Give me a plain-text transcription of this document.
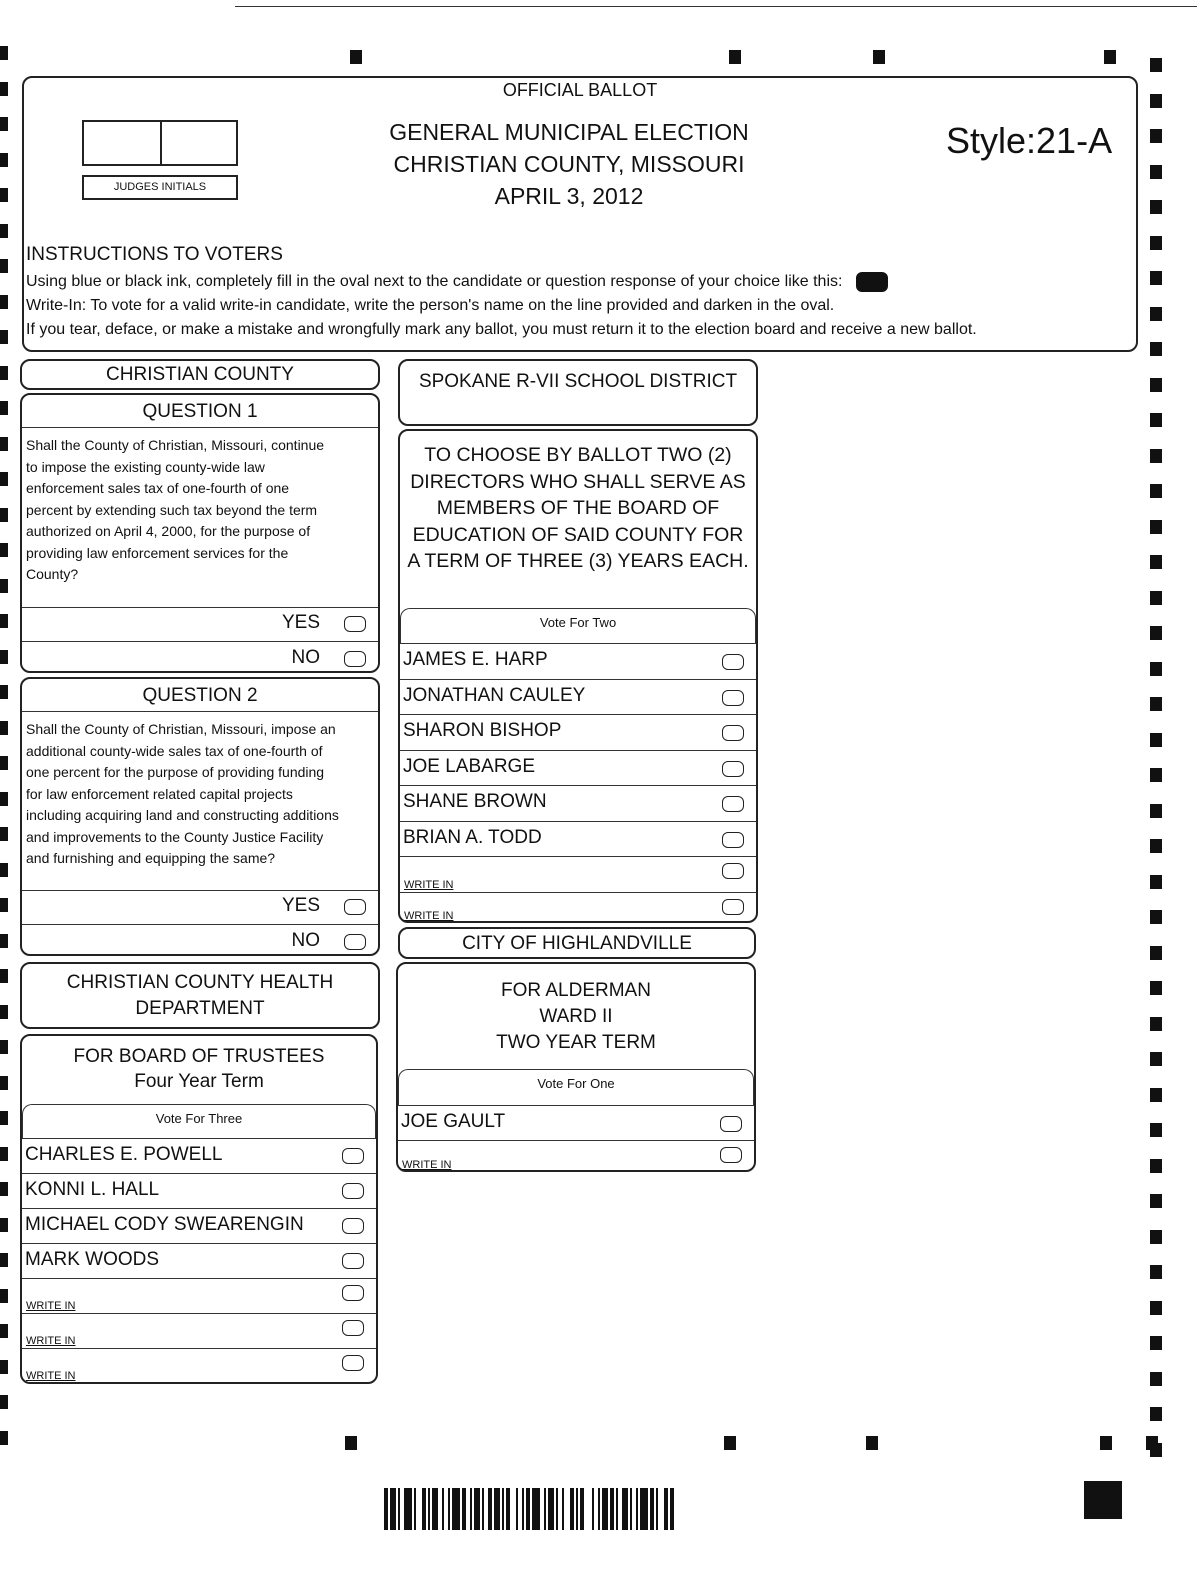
OFFICIAL BALLOT
GENERAL MUNICIPAL ELECTION
CHRISTIAN COUNTY, MISSOURI
APRIL 3, 2012
Style:21-A
JUDGES INITIALS
INSTRUCTIONS TO VOTERS
Using blue or black ink, completely fill in the oval next to the candidate or question response of your choice like this:
Write-In: To vote for a valid write-in candidate, write the person's name on the line provided and darken in the oval.
If you tear, deface, or make a mistake and wrongfully mark any ballot, you must return it to the election board and receive a new ballot.
CHRISTIAN COUNTY
QUESTION 1
Shall the County of Christian, Missouri, continue
to impose the existing county-wide law
enforcement sales tax of one-fourth of one
percent by extending such tax beyond the term
authorized on April 4, 2000, for the purpose of
providing law enforcement services for the
County?
YES
NO
QUESTION 2
Shall the County of Christian, Missouri, impose an
additional county-wide sales tax of one-fourth of
one percent for the purpose of providing funding
for law enforcement related capital projects
including acquiring land and constructing additions
and improvements to the County Justice Facility
and furnishing and equipping the same?
YES
NO
CHRISTIAN COUNTY HEALTH
DEPARTMENT
FOR BOARD OF TRUSTEES
Four Year Term
Vote For Three
CHARLES E. POWELL
KONNI L. HALL
MICHAEL CODY SWEARENGIN
MARK WOODS
WRITE IN
WRITE IN
WRITE IN
SPOKANE R-VII SCHOOL DISTRICT
TO CHOOSE BY BALLOT TWO (2)
DIRECTORS WHO SHALL SERVE AS
MEMBERS OF THE BOARD OF
EDUCATION OF SAID COUNTY FOR
A TERM OF THREE (3) YEARS EACH.
Vote For Two
JAMES E. HARP
JONATHAN CAULEY
SHARON BISHOP
JOE LABARGE
SHANE BROWN
BRIAN A. TODD
WRITE IN
WRITE IN
CITY OF HIGHLANDVILLE
FOR ALDERMAN
WARD II
TWO YEAR TERM
Vote For One
JOE GAULT
WRITE IN
